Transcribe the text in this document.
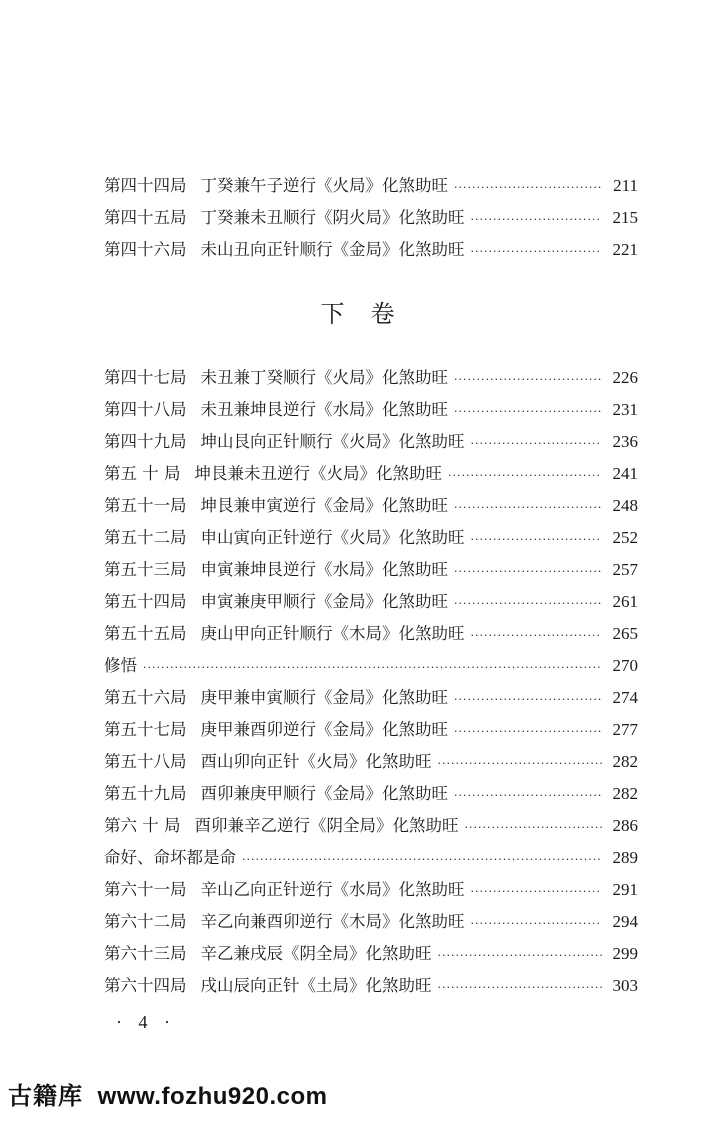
第四十四局 丁癸兼午子逆行《火局》化煞助旺 ·····	211
第四十五局 丁癸兼未丑顺行《阴火局》化煞助旺 ·····	215
第四十六局 未山丑向正针顺行《金局》化煞助旺 ·····	221
下卷
第四十七局 未丑兼丁癸顺行《火局》化煞助旺 ·····	226
第四十八局 未丑兼坤艮逆行《水局》化煞助旺 ·····	231
第四十九局 坤山艮向正针顺行《火局》化煞助旺 ·····	236
第五 十 局 坤艮兼未丑逆行《火局》化煞助旺 ·····	241
第五十一局 坤艮兼申寅逆行《金局》化煞助旺 ·····	248
第五十二局 申山寅向正针逆行《火局》化煞助旺 ·····	252
第五十三局 申寅兼坤艮逆行《水局》化煞助旺 ·····	257
第五十四局 申寅兼庚甲顺行《金局》化煞助旺 ·····	261
第五十五局 庚山甲向正针顺行《木局》化煞助旺 ·····	265
修悟 ·····	270
第五十六局 庚甲兼申寅顺行《金局》化煞助旺 ·····	274
第五十七局 庚甲兼酉卯逆行《金局》化煞助旺 ·····	277
第五十八局 酉山卯向正针《火局》化煞助旺 ·····	282
第五十九局 酉卯兼庚甲顺行《金局》化煞助旺 ·····	282
第六 十 局 酉卯兼辛乙逆行《阴全局》化煞助旺 ·····	286
命好、命坏都是命 ·····	289
第六十一局 辛山乙向正针逆行《水局》化煞助旺 ·····	291
第六十二局 辛乙向兼酉卯逆行《木局》化煞助旺 ·····	294
第六十三局 辛乙兼戌辰《阴全局》化煞助旺 ·····	299
第六十四局 戌山辰向正针《土局》化煞助旺 ·····	303
· 4 ·
古籍库 www.fozhu920.com
